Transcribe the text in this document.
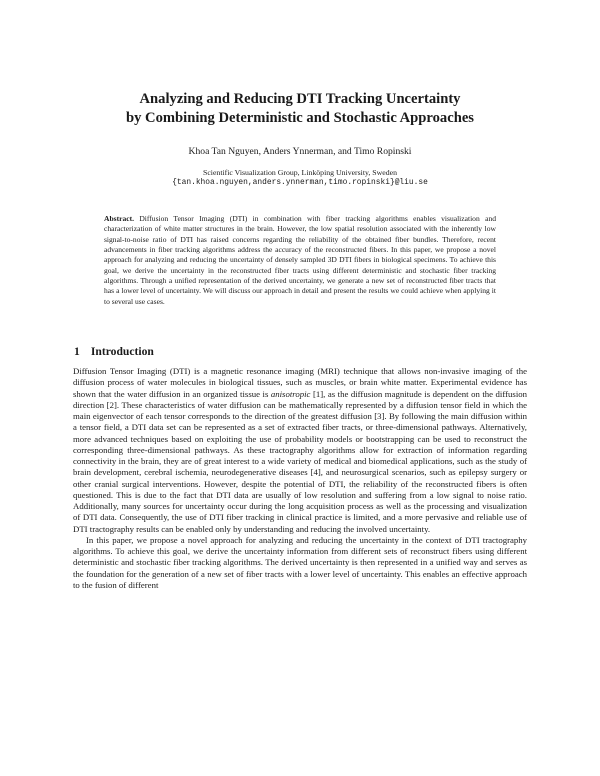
Analyzing and Reducing DTI Tracking Uncertainty
by Combining Deterministic and Stochastic Approaches
Khoa Tan Nguyen, Anders Ynnerman, and Timo Ropinski
Scientific Visualization Group, Linköping University, Sweden
{tan.khoa.nguyen,anders.ynnerman,timo.ropinski}@liu.se
Abstract. Diffusion Tensor Imaging (DTI) in combination with fiber tracking algorithms enables visualization and characterization of white matter structures in the brain. However, the low spatial resolution associated with the inherently low signal-to-noise ratio of DTI has raised concerns regarding the reliability of the obtained fiber bundles. Therefore, recent advancements in fiber tracking algorithms address the accuracy of the reconstructed fibers. In this paper, we propose a novel approach for analyzing and reducing the uncertainty of densely sampled 3D DTI fibers in biological specimens. To achieve this goal, we derive the uncertainty in the reconstructed fiber tracts using different deterministic and stochastic fiber tracking algorithms. Through a unified representation of the derived uncertainty, we generate a new set of reconstructed fiber tracts that has a lower level of uncertainty. We will discuss our approach in detail and present the results we could achieve when applying it to several use cases.
1 Introduction

Diffusion Tensor Imaging (DTI) is a magnetic resonance imaging (MRI) technique that allows non-invasive imaging of the diffusion process of water molecules in biological tissues, such as muscles, or brain white matter. Experimental evidence has shown that the water diffusion in an organized tissue is anisotropic [1], as the diffusion magnitude is dependent on the diffusion direction [2]. These characteristics of water diffusion can be mathematically represented by a diffusion tensor field in which the main eigenvector of each tensor corresponds to the direction of the greatest diffusion [3]. By following the main diffusion within a tensor field, a DTI data set can be represented as a set of extracted fiber tracts, or three-dimensional pathways. Alternatively, more advanced techniques based on exploiting the use of probability models or bootstrapping can be used to reconstruct the corresponding three-dimensional pathways. As these tractography algorithms allow for extraction of information regarding connectivity in the brain, they are of great interest to a wide variety of medical and biomedical applications, such as the study of brain development, cerebral ischemia, neurodegenerative diseases [4], and neurosurgical scenarios, such as epilepsy surgery or other cranial surgical interventions. However, despite the potential of DTI, the reliability of the reconstructed fibers is often questioned. This is due to the fact that DTI data are usually of low resolution and suffering from a low signal to noise ratio. Additionally, many sources for uncertainty occur during the long acquisition process as well as the processing and visualization of DTI data. Consequently, the use of DTI fiber tracking in clinical practice is limited, and a more pervasive and reliable use of DTI tractography results can be enabled only by understanding and reducing the involved uncertainty.

In this paper, we propose a novel approach for analyzing and reducing the uncertainty in the context of DTI tractography algorithms. To achieve this goal, we derive the uncertainty information from different sets of reconstruct fibers using different deterministic and stochastic fiber tracking algorithms. The derived uncertainty is then represented in a unified way and serves as the foundation for the generation of a new set of fiber tracts with a lower level of uncertainty. This enables an effective approach to the fusion of different
